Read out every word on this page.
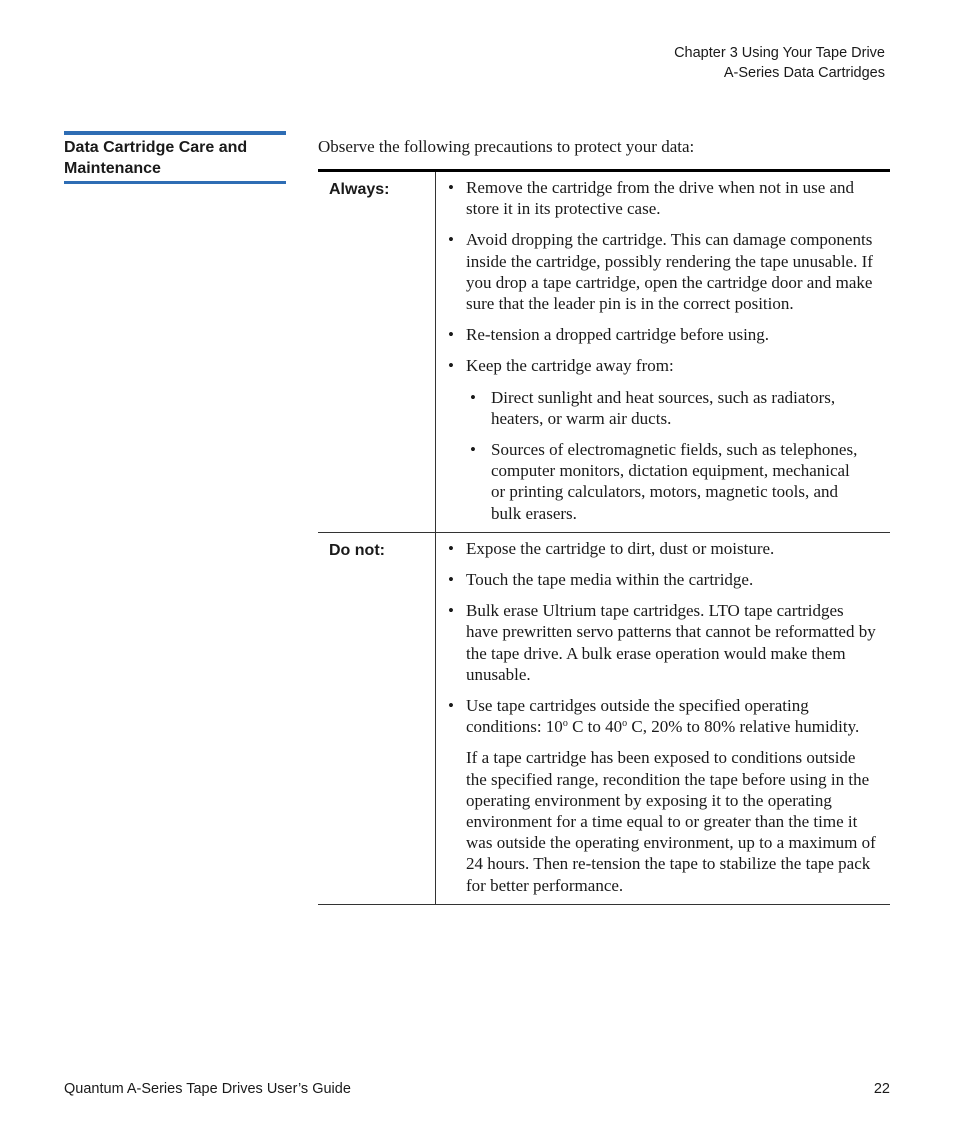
Chapter 3 Using Your Tape Drive
A-Series Data Cartridges
Data Cartridge Care and Maintenance
Observe the following precautions to protect your data:
Always:	• Remove the cartridge from the drive when not in use and store it in its protective case.
• Avoid dropping the cartridge. This can damage components inside the cartridge, possibly rendering the tape unusable. If you drop a tape cartridge, open the cartridge door and make sure that the leader pin is in the correct position.
• Re-tension a dropped cartridge before using.
• Keep the cartridge away from:
• Direct sunlight and heat sources, such as radiators, heaters, or warm air ducts.
• Sources of electromagnetic fields, such as telephones, computer monitors, dictation equipment, mechanical or printing calculators, motors, magnetic tools, and bulk erasers.
Do not:	• Expose the cartridge to dirt, dust or moisture.
• Touch the tape media within the cartridge.
• Bulk erase Ultrium tape cartridges. LTO tape cartridges have prewritten servo patterns that cannot be reformatted by the tape drive. A bulk erase operation would make them unusable.
• Use tape cartridges outside the specified operating conditions: 10$^o$ C to 40$^o$ C, 20% to 80% relative humidity.
If a tape cartridge has been exposed to conditions outside the specified range, recondition the tape before using in the operating environment by exposing it to the operating environment for a time equal to or greater than the time it was outside the operating environment, up to a maximum of 24 hours. Then re-tension the tape to stabilize the tape pack for better performance.
Quantum A-Series Tape Drives User’s Guide	22
